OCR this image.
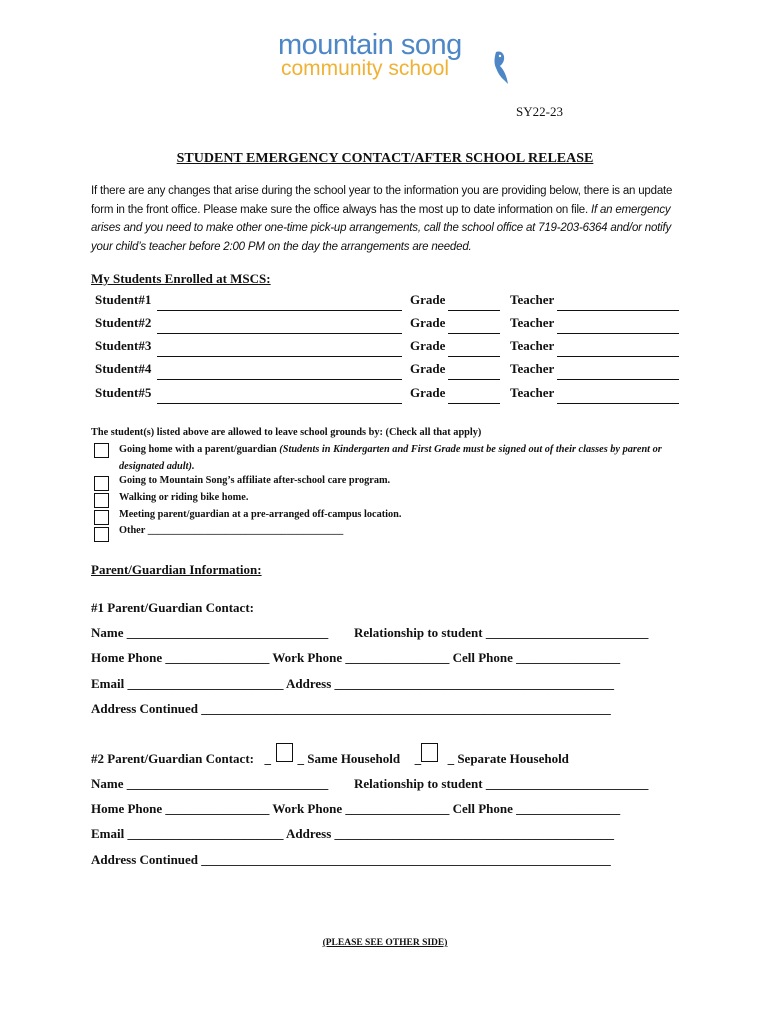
mountain song
community school
SY22-23
STUDENT EMERGENCY CONTACT/AFTER SCHOOL RELEASE
If there are any changes that arise during the school year to the information you are providing below, there is an update form in the front office. Please make sure the office always has the most up to date information on file. If an emergency arises and you need to make other one-time pick-up arrangements, call the school office at 719-203-6364 and/or notify your child’s teacher before 2:00 PM on the day the arrangements are needed.
My Students Enrolled at MSCS:
Student#1	Grade	Teacher
Student#2	Grade	Teacher
Student#3	Grade	Teacher
Student#4	Grade	Teacher
Student#5	Grade	Teacher
The student(s) listed above are allowed to leave school grounds by: (Check all that apply)
Going home with a parent/guardian (Students in Kindergarten and First Grade must be signed out of their classes by parent or designated adult).
Going to Mountain Song’s affiliate after-school care program.
Walking or riding bike home.
Meeting parent/guardian at a pre-arranged off-campus location.
Other ______________________________________
Parent/Guardian Information:
#1 Parent/Guardian Contact:
Name _______________________________ Relationship to student _________________________
Home Phone ________________ Work Phone ________________ Cell Phone ________________
Email ________________________ Address ___________________________________________
Address Continued _______________________________________________________________
#2 Parent/Guardian Contact: _ _ Same Household _ _ Separate Household
Name _______________________________ Relationship to student _________________________
Home Phone ________________ Work Phone ________________ Cell Phone ________________
Email ________________________ Address ___________________________________________
Address Continued _______________________________________________________________
(PLEASE SEE OTHER SIDE)
